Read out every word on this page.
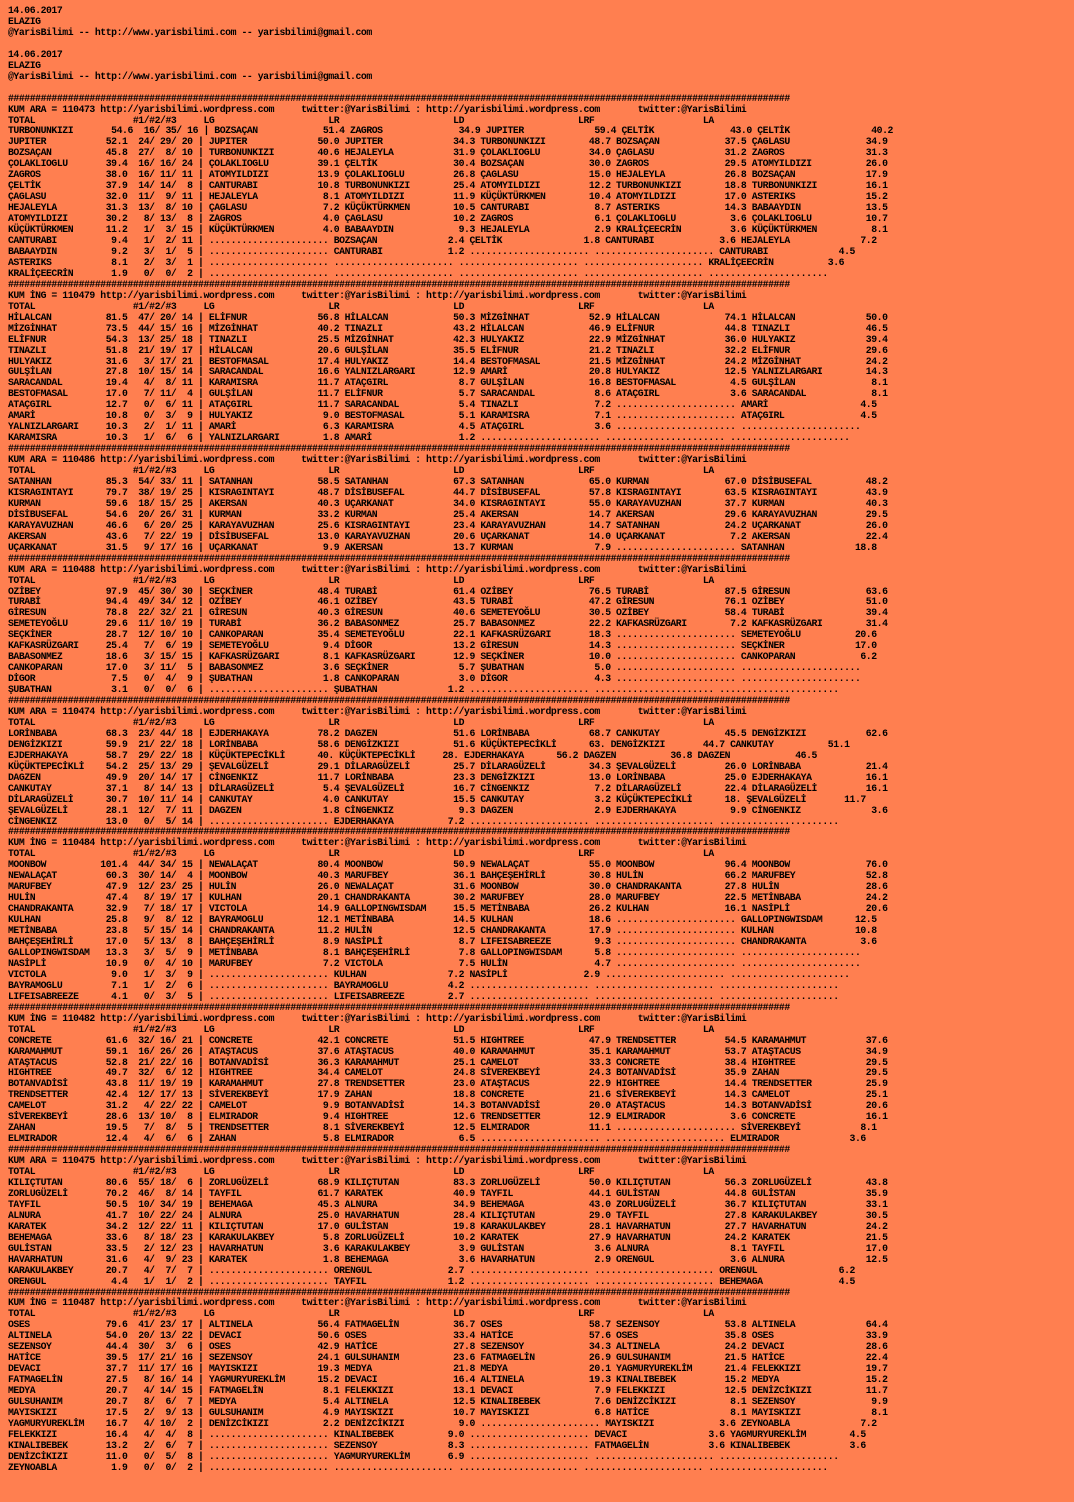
14.06.2017
ELAZIG
@YarisBilimi -- http://www.yarisbilimi.com -- yarisbilimi@gmail.com

14.06.2017
ELAZIG
@YarisBilimi -- http://www.yarisbilimi.com -- yarisbilimi@gmail.com

################################################################################################################################################
KUM ARA = 110473 http://yarisbilimi.wordpress.com     twitter:@YarisBilimi : http://yarisbilimi.wordpress.com       twitter:@YarisBilimi
TOTAL                  #1/#2/#3     LG                     LR                     LD                     LRF                    LA
TURBONUNKIZI       54.6  16/ 35/ 16 | BOZSAÇAN            51.4 ZAGROS              34.9 JUPITER             59.4 ÇELTİK              43.0 ÇELTİK               40.2
JUPITER           52.1  24/ 29/ 20 | JUPITER             50.0 JUPITER             34.3 TURBONUNKIZI        48.7 BOZSAÇAN            37.5 ÇAGLASU              34.9
BOZSAÇAN          45.8  27/  8/ 10 | TURBONUNKIZI        40.6 HEJALEYLA           31.9 ÇOLAKLIOGLU         34.0 ÇAGLASU             31.2 ZAGROS               31.3
ÇOLAKLIOGLU       39.4  16/ 16/ 24 | ÇOLAKLIOGLU         39.1 ÇELTİK              30.4 BOZSAÇAN            30.0 ZAGROS              29.5 ATOMYILDIZI          26.0
ZAGROS            38.0  16/ 11/ 11 | ATOMYILDIZI         13.9 ÇOLAKLIOGLU         26.8 ÇAGLASU             15.0 HEJALEYLA           26.8 BOZSAÇAN             17.9
ÇELTİK            37.9  14/ 14/  8 | CANTURABI           10.8 TURBONUNKIZI        25.4 ATOMYILDIZI         12.2 TURBONUNKIZI        18.8 TURBONUNKIZI         16.1
ÇAGLASU           32.0  11/  9/ 11 | HEJALEYLA            8.1 ATOMYILDIZI         11.9 KÜÇÜKTÜRKMEN        10.4 ATOMYILDIZI         17.0 ASTERIKS             15.2
HEJALEYLA         31.3  13/  8/ 10 | ÇAGLASU              7.2 KÜÇÜKTÜRKMEN        10.5 CANTURABI            8.7 ASTERIKS            14.3 BABAAYDIN            13.5
ATOMYILDIZI       30.2   8/ 13/  8 | ZAGROS               4.0 ÇAGLASU             10.2 ZAGROS               6.1 ÇOLAKLIOGLU          3.6 ÇOLAKLIOGLU          10.7
KÜÇÜKTÜRKMEN      11.2   1/  3/ 15 | KÜÇÜKTÜRKMEN         4.0 BABAAYDIN            9.3 HEJALEYLA            2.9 KRALİÇEECRİN         3.6 KÜÇÜKTÜRKMEN          8.1
CANTURABI          9.4   1/  2/ 11 | ...................... BOZSAÇAN             2.4 ÇELTİK               1.8 CANTURABI            3.6 HEJALEYLA             7.2
BABAAYDIN          9.2   3/  1/  5 | ...................... CANTURABI            1.2 ...................... ...................... CANTURABI             4.5
ASTERIKS           8.1   2/  3/  1 | ...................... ...................... ...................... ...................... KRALİÇEECRİN          3.6
KRALİÇEECRİN       1.9   0/  0/  2 | ...................... ...................... ...................... ...................... ......................
################################################################################################################################################
KUM İNG = 110479 http://yarisbilimi.wordpress.com     twitter:@YarisBilimi : http://yarisbilimi.wordpress.com       twitter:@YarisBilimi
TOTAL                  #1/#2/#3     LG                     LR                     LD                     LRF                    LA
HİLALCAN          81.5  47/ 20/ 14 | ELİFNUR             56.8 HİLALCAN            50.3 MİZGİNHAT           52.9 HİLALCAN            74.1 HİLALCAN             50.0
MİZGİNHAT         73.5  44/ 15/ 16 | MİZGİNHAT           40.2 TINAZLI             43.2 HİLALCAN            46.9 ELİFNUR             44.8 TINAZLI              46.5
ELİFNUR           54.3  13/ 25/ 18 | TINAZLI             25.5 MİZGİNHAT           42.3 HULYAKIZ            22.9 MİZGİNHAT           36.0 HULYAKIZ             39.4
TINAZLI           51.8  21/ 19/ 17 | HİLALCAN            20.6 GULŞİLAN            35.5 ELİFNUR             21.2 TINAZLI             32.2 ELİFNUR              29.6
HULYAKIZ          31.6   3/ 17/ 21 | BESTOFMASAL         17.4 HULYAKIZ            14.4 BESTOFMASAL         21.5 MİZGİNHAT           24.2 MİZGİNHAT            24.2
GULŞİLAN          27.8  10/ 15/ 14 | SARACANDAL          16.6 YALNIZLARGARI       12.9 AMARİ               20.8 HULYAKIZ            12.5 YALNIZLARGARI        14.3
SARACANDAL        19.4   4/  8/ 11 | KARAMISRA           11.7 ATAÇGIRL             8.7 GULŞİLAN            16.8 BESTOFMASAL          4.5 GULŞİLAN              8.1
BESTOFMASAL       17.0   7/ 11/  4 | GULŞİLAN            11.7 ELİFNUR              5.7 SARACANDAL           8.6 ATAÇGIRL             3.6 SARACANDAL            8.1
ATAÇGIRL          12.7   0/  6/ 11 | ATAÇGIRL            11.7 SARACANDAL           5.4 TINAZLI              7.2 ...................... AMARİ                 4.5
AMARİ             10.8   0/  3/  9 | HULYAKIZ             9.0 BESTOFMASAL          5.1 KARAMISRA            7.1 ...................... ATAÇGIRL              4.5
YALNIZLARGARI     10.3   2/  1/ 11 | AMARİ                6.3 KARAMISRA            4.5 ATAÇGIRL             3.6 ...................... ......................
KARAMISRA         10.3   1/  6/  6 | YALNIZLARGARI        1.8 AMARİ                1.2 ...................... ...................... ......................
################################################################################################################################################
KUM ARA = 110486 http://yarisbilimi.wordpress.com     twitter:@YarisBilimi : http://yarisbilimi.wordpress.com       twitter:@YarisBilimi
TOTAL                  #1/#2/#3     LG                     LR                     LD                     LRF                    LA
SATANHAN          85.3  54/ 33/ 11 | SATANHAN            58.5 SATANHAN            67.3 SATANHAN            65.0 KURMAN              67.0 DİSİBUSEFAL          48.2
KISRAGINTAYI      79.7  38/ 19/ 25 | KISRAGINTAYI        48.7 DİSİBUSEFAL         44.7 DİSİBUSEFAL         57.8 KISRAGINTAYI        63.5 KISRAGINTAYI         43.9
KURMAN            59.6  18/ 15/ 25 | AKERSAN             40.3 UÇARKANAT           34.0 KISRAGINTAYI        55.0 KARAYAVUZHAN        37.7 KURMAN               40.3
DİSİBUSEFAL       54.6  20/ 26/ 31 | KURMAN              33.2 KURMAN              25.4 AKERSAN             14.7 AKERSAN             29.6 KARAYAVUZHAN         29.5
KARAYAVUZHAN      46.6   6/ 20/ 25 | KARAYAVUZHAN        25.6 KISRAGINTAYI        23.4 KARAYAVUZHAN        14.7 SATANHAN            24.2 UÇARKANAT            26.0
AKERSAN           43.6   7/ 22/ 19 | DİSİBUSEFAL         13.0 KARAYAVUZHAN        20.6 UÇARKANAT           14.0 UÇARKANAT            7.2 AKERSAN              22.4
UÇARKANAT         31.5   9/ 17/ 16 | UÇARKANAT            9.9 AKERSAN             13.7 KURMAN               7.9 ...................... SATANHAN             18.8
################################################################################################################################################
KUM ARA = 110488 http://yarisbilimi.wordpress.com     twitter:@YarisBilimi : http://yarisbilimi.wordpress.com       twitter:@YarisBilimi
TOTAL                  #1/#2/#3     LG                     LR                     LD                     LRF                    LA
OZİBEY            97.9  45/ 30/ 30 | SEÇKİNER            48.4 TURABİ              61.4 OZİBEY              76.5 TURABİ              87.5 GİRESUN              63.6
TURABİ            94.4  49/ 34/ 12 | OZİBEY              46.1 OZİBEY              43.5 TURABİ              47.2 GİRESUN             76.1 OZİBEY               51.0
GİRESUN           78.8  22/ 32/ 21 | GİRESUN             40.3 GİRESUN             40.6 SEMETEYOĞLU         30.5 OZİBEY              58.4 TURABİ               39.4
SEMETEYOĞLU       29.6  11/ 10/ 19 | TURABİ              36.2 BABASONMEZ          25.7 BABASONMEZ          22.2 KAFKASRÜZGARI        7.2 KAFKASRÜZGARI        31.4
SEÇKİNER          28.7  12/ 10/ 10 | CANKOPARAN          35.4 SEMETEYOĞLU         22.1 KAFKASRÜZGARI       18.3 ...................... SEMETEYOĞLU          20.6
KAFKASRÜZGARI     25.4   7/  6/ 19 | SEMETEYOĞLU          9.4 DİGOR               13.2 GİRESUN             14.3 ...................... SEÇKİNER             17.0
BABASONMEZ        18.6   3/ 15/ 15 | KAFKASRÜZGARI        8.1 KAFKASRÜZGARI       12.9 SEÇKİNER            10.0 ...................... CANKOPARAN            6.2
CANKOPARAN        17.0   3/ 11/  5 | BABASONMEZ           3.6 SEÇKİNER             5.7 ŞUBATHAN             5.0 ...................... ......................
DİGOR              7.5   0/  4/  9 | ŞUBATHAN             1.8 CANKOPARAN           3.0 DİGOR                4.3 ...................... ......................
ŞUBATHAN           3.1   0/  0/  6 | ...................... ŞUBATHAN             1.2 ...................... ...................... ......................
################################################################################################################################################
KUM ARA = 110474 http://yarisbilimi.wordpress.com     twitter:@YarisBilimi : http://yarisbilimi.wordpress.com       twitter:@YarisBilimi
TOTAL                  #1/#2/#3     LG                     LR                     LD                     LRF                    LA
LORİNBABA         68.3  23/ 44/ 18 | EJDERHAKAYA         78.2 DAGZEN              51.6 LORİNBABA           68.7 CANKUTAY            45.5 DENGİZKIZI           62.6
DENGİZKIZI        59.9  21/ 22/ 18 | LORİNBABA           58.6 DENGİZKIZI          51.6 KÜÇÜKTEPECİKLİ      63. DENGİZKIZI       44.7 CANKUTAY          51.1
EJDERHAKAYA       58.7  29/ 22/ 18 | KÜÇÜKTEPECİKLİ      40. KÜÇÜKTEPECİKLİ     28. EJDERHAKAYA      56.2 DAGZEN          36.8 DAGZEN            46.5
KÜÇÜKTEPECİKLİ    54.2  25/ 13/ 29 | ŞEVALGÜZELİ         29.1 DİLARAGÜZELİ        25.7 DİLARAGÜZELİ        34.3 ŞEVALGÜZELİ         26.0 LORİNBABA            21.4
DAGZEN            49.9  20/ 14/ 17 | CİNGENKIZ           11.7 LORİNBABA           23.3 DENGİZKIZI          13.0 LORİNBABA           25.0 EJDERHAKAYA          16.1
CANKUTAY          37.1   8/ 14/ 13 | DİLARAGÜZELİ         5.4 ŞEVALGÜZELİ         16.7 CİNGENKIZ            7.2 DİLARAGÜZELİ        22.4 DİLARAGÜZELİ         16.1
DİLARAGÜZELİ      30.7  10/ 11/ 14 | CANKUTAY             4.0 CANKUTAY            15.5 CANKUTAY             3.2 KÜÇÜKTEPECİKLİ      18. ŞEVALGÜZELİ       11.7
ŞEVALGÜZELİ       28.1  12/  7/ 11 | DAGZEN               1.8 CİNGENKIZ            9.3 DAGZEN               2.9 EJDERHAKAYA          9.9 CİNGENKIZ             3.6
CİNGENKIZ         13.0   0/  5/ 14 | ...................... EJDERHAKAYA          7.2 ...................... ...................... ......................
################################################################################################################################################
KUM İNG = 110484 http://yarisbilimi.wordpress.com     twitter:@YarisBilimi : http://yarisbilimi.wordpress.com       twitter:@YarisBilimi
TOTAL                  #1/#2/#3     LG                     LR                     LD                     LRF                    LA
MOONBOW          101.4  44/ 34/ 15 | NEWALAÇAT           80.4 MOONBOW             50.9 NEWALAÇAT           55.0 MOONBOW             96.4 MOONBOW              76.0
NEWALAÇAT         60.3  30/ 14/  4 | MOONBOW             40.3 MARUFBEY            36.1 BAHÇEŞEHİRLİ        30.8 HULİN               66.2 MARUFBEY             52.8
MARUFBEY          47.9  12/ 23/ 25 | HULİN               26.0 NEWALAÇAT           31.6 MOONBOW             30.0 CHANDRAKANTA        27.8 HULİN                28.6
HULİN             47.4   8/ 19/ 17 | KULHAN              20.1 CHANDRAKANTA        30.2 MARUFBEY            28.0 MARUFBEY            22.5 METİNBABA            24.2
CHANDRAKANTA      32.9   7/ 18/ 17 | VICTOLA             14.9 GALLOPINGWISDAM     15.5 METİNBABA           26.2 KULHAN              16.1 NASİPLİ              20.6
KULHAN            25.8   9/  8/ 12 | BAYRAMOGLU          12.1 METİNBABA           14.5 KULHAN              18.6 ...................... GALLOPINGWISDAM      12.5
METİNBABA         23.8   5/ 15/ 14 | CHANDRAKANTA        11.2 HULİN               12.5 CHANDRAKANTA        17.9 ...................... KULHAN               10.8
BAHÇEŞEHİRLİ      17.0   5/ 13/  8 | BAHÇEŞEHİRLİ         8.9 NASİPLİ              8.7 LIFEISABREEZE        9.3 ...................... CHANDRAKANTA          3.6
GALLOPINGWISDAM   13.3   3/  5/  9 | METİNBABA            8.1 BAHÇEŞEHİRLİ         7.8 GALLOPINGWISDAM      5.8 ...................... ......................
NASİPLİ           10.9   0/  4/ 10 | MARUFBEY             7.2 VICTOLA              7.5 HULİN                4.7 ...................... ......................
VICTOLA            9.0   1/  3/  9 | ...................... KULHAN               7.2 NASİPLİ              2.9 ...................... ......................
BAYRAMOGLU         7.1   1/  2/  6 | ...................... BAYRAMOGLU           4.2 ...................... ...................... ......................
LIFEISABREEZE      4.1   0/  3/  5 | ...................... LIFEISABREEZE        2.7 ...................... ...................... ......................
################################################################################################################################################
KUM İNG = 110482 http://yarisbilimi.wordpress.com     twitter:@YarisBilimi : http://yarisbilimi.wordpress.com       twitter:@YarisBilimi
TOTAL                  #1/#2/#3     LG                     LR                     LD                     LRF                    LA
CONCRETE          61.6  32/ 16/ 21 | CONCRETE            42.1 CONCRETE            51.5 HIGHTREE            47.9 TRENDSETTER         54.5 KARAMAHMUT           37.6
KARAMAHMUT        59.1  16/ 26/ 26 | ATAŞTACUS           37.6 ATAŞTACUS           40.0 KARAMAHMUT          35.1 KARAMAHMUT          53.7 ATAŞTACUS            34.9
ATAŞTACUS         52.8  21/ 22/ 16 | BOTANVADİSİ         36.3 KARAMAHMUT          25.1 CAMELOT             33.3 CONCRETE            38.4 HIGHTREE             29.5
HIGHTREE          49.7  32/  6/ 12 | HIGHTREE            34.4 CAMELOT             24.8 SİVEREKBEYİ         24.3 BOTANVADİSİ         35.9 ZAHAN                29.5
BOTANVADİSİ       43.8  11/ 19/ 19 | KARAMAHMUT          27.8 TRENDSETTER         23.0 ATAŞTACUS           22.9 HIGHTREE            14.4 TRENDSETTER          25.9
TRENDSETTER       42.4  12/ 17/ 13 | SİVEREKBEYİ         17.9 ZAHAN               18.8 CONCRETE            21.6 SİVEREKBEYİ         14.3 CAMELOT              25.1
CAMELOT           31.2   4/ 22/ 22 | CAMELOT              9.9 BOTANVADİSİ         14.3 BOTANVADİSİ         20.0 ATAŞTACUS           14.3 BOTANVADİSİ          20.6
SİVEREKBEYİ       28.6  13/ 10/  8 | ELMIRADOR            9.4 HIGHTREE            12.6 TRENDSETTER         12.9 ELMIRADOR            3.6 CONCRETE             16.1
ZAHAN             19.5   7/  8/  5 | TRENDSETTER          8.1 SİVEREKBEYİ         12.5 ELMIRADOR           11.1 ...................... SİVEREKBEYİ           8.1
ELMIRADOR         12.4   4/  6/  6 | ZAHAN                5.8 ELMIRADOR            6.5 ...................... ...................... ELMIRADOR             3.6
################################################################################################################################################
KUM ARA = 110475 http://yarisbilimi.wordpress.com     twitter:@YarisBilimi : http://yarisbilimi.wordpress.com       twitter:@YarisBilimi
TOTAL                  #1/#2/#3     LG                     LR                     LD                     LRF                    LA
KILIÇTUTAN        80.6  55/ 18/  6 | ZORLUGÜZELİ         68.9 KILIÇTUTAN          83.3 ZORLUGÜZELİ         50.0 KILIÇTUTAN          56.3 ZORLUGÜZELİ          43.8
ZORLUGÜZELİ       70.2  46/  8/ 14 | TAYFIL              61.7 KARATEK             40.9 TAYFIL              44.1 GULİSTAN            44.8 GULİSTAN             35.9
TAYFIL            50.5  10/ 34/ 19 | BEHEMAGA            45.3 ALNURA              34.9 BEHEMAGA            43.0 ZORLUGÜZELİ         36.7 KILIÇTUTAN           33.1
ALNURA            41.7  10/ 22/ 24 | ALNURA              25.0 HAVARHATUN          28.4 KILIÇTUTAN          29.0 TAYFIL              27.8 KARAKULAKBEY         30.5
KARATEK           34.2  12/ 22/ 11 | KILIÇTUTAN          17.0 GULİSTAN            19.8 KARAKULAKBEY        28.1 HAVARHATUN          27.7 HAVARHATUN           24.2
BEHEMAGA          33.6   8/ 18/ 23 | KARAKULAKBEY         5.8 ZORLUGÜZELİ         10.2 KARATEK             27.9 HAVARHATUN          24.2 KARATEK              21.5
GULİSTAN          33.5   2/ 12/ 23 | HAVARHATUN           3.6 KARAKULAKBEY         3.9 GULİSTAN             3.6 ALNURA               8.1 TAYFIL               17.0
HAVARHATUN        31.6   4/  9/ 23 | KARATEK              1.8 BEHEMAGA             3.6 HAVARHATUN           2.9 ORENGUL              3.6 ALNURA               12.5
KARAKULAKBEY      20.7   4/  7/  7 | ...................... ORENGUL              2.7 ...................... ...................... ORENGUL               6.2
ORENGUL            4.4   1/  1/  2 | ...................... TAYFIL               1.2 ...................... ...................... BEHEMAGA              4.5
################################################################################################################################################
KUM İNG = 110487 http://yarisbilimi.wordpress.com     twitter:@YarisBilimi : http://yarisbilimi.wordpress.com       twitter:@YarisBilimi
TOTAL                  #1/#2/#3     LG                     LR                     LD                     LRF                    LA
OSES              79.6  41/ 23/ 17 | ALTINELA            56.4 FATMAGELİN          36.7 OSES                58.7 SEZENSOY            53.8 ALTINELA             64.4
ALTINELA          54.0  20/ 13/ 22 | DEVACI              50.6 OSES                33.4 HATİCE              57.6 OSES                35.8 OSES                 33.9
SEZENSOY          44.4  30/  3/  6 | OSES                42.9 HATİCE              27.8 SEZENSOY            34.3 ALTINELA            24.2 DEVACI               28.6
HATİCE            39.5  17/ 21/ 16 | SEZENSOY            24.1 GULSUHANIM          23.6 FATMAGELİN          26.9 GULSUHANIM          21.5 HATİCE               22.4
DEVACI            37.7  11/ 17/ 16 | MAYISKIZI           19.3 MEDYA               21.8 MEDYA               20.1 YAGMURYUREKLİM      21.4 FELEKKIZI            19.7
FATMAGELİN        27.5   8/ 16/ 14 | YAGMURYUREKLİM      15.2 DEVACI              16.4 ALTINELA            19.3 KINALIBEBEK         15.2 MEDYA                15.2
MEDYA             20.7   4/ 14/ 15 | FATMAGELİN           8.1 FELEKKIZI           13.1 DEVACI               7.9 FELEKKIZI           12.5 DENİZCİKIZI          11.7
GULSUHANIM        20.7   8/  6/  7 | MEDYA                5.4 ALTINELA            12.5 KINALIBEBEK          7.6 DENİZCİKIZI          8.1 SEZENSOY              9.9
MAYISKIZI         17.5   2/  9/ 13 | GULSUHANIM           4.9 MAYISKIZI           10.7 MAYISKIZI            6.8 HATİCE               8.1 MAYISKIZI             8.1
YAGMURYUREKLİM    16.7   4/ 10/  2 | DENİZCİKIZI          2.2 DENİZCİKIZI          9.0 ...................... MAYISKIZI            3.6 ZEYNOABLA             7.2
FELEKKIZI         16.4   4/  4/  8 | ...................... KINALIBEBEK          9.0 ...................... DEVACI               3.6 YAGMURYUREKLİM        4.5
KINALIBEBEK       13.2   2/  6/  7 | ...................... SEZENSOY             8.3 ...................... FATMAGELİN           3.6 KINALIBEBEK           3.6
DENİZCİKIZI       11.0   0/  5/  8 | ...................... YAGMURYUREKLİM       6.9 ...................... ...................... ......................
ZEYNOABLA          1.9   0/  0/  2 | ...................... ...................... ...................... ...................... ......................
